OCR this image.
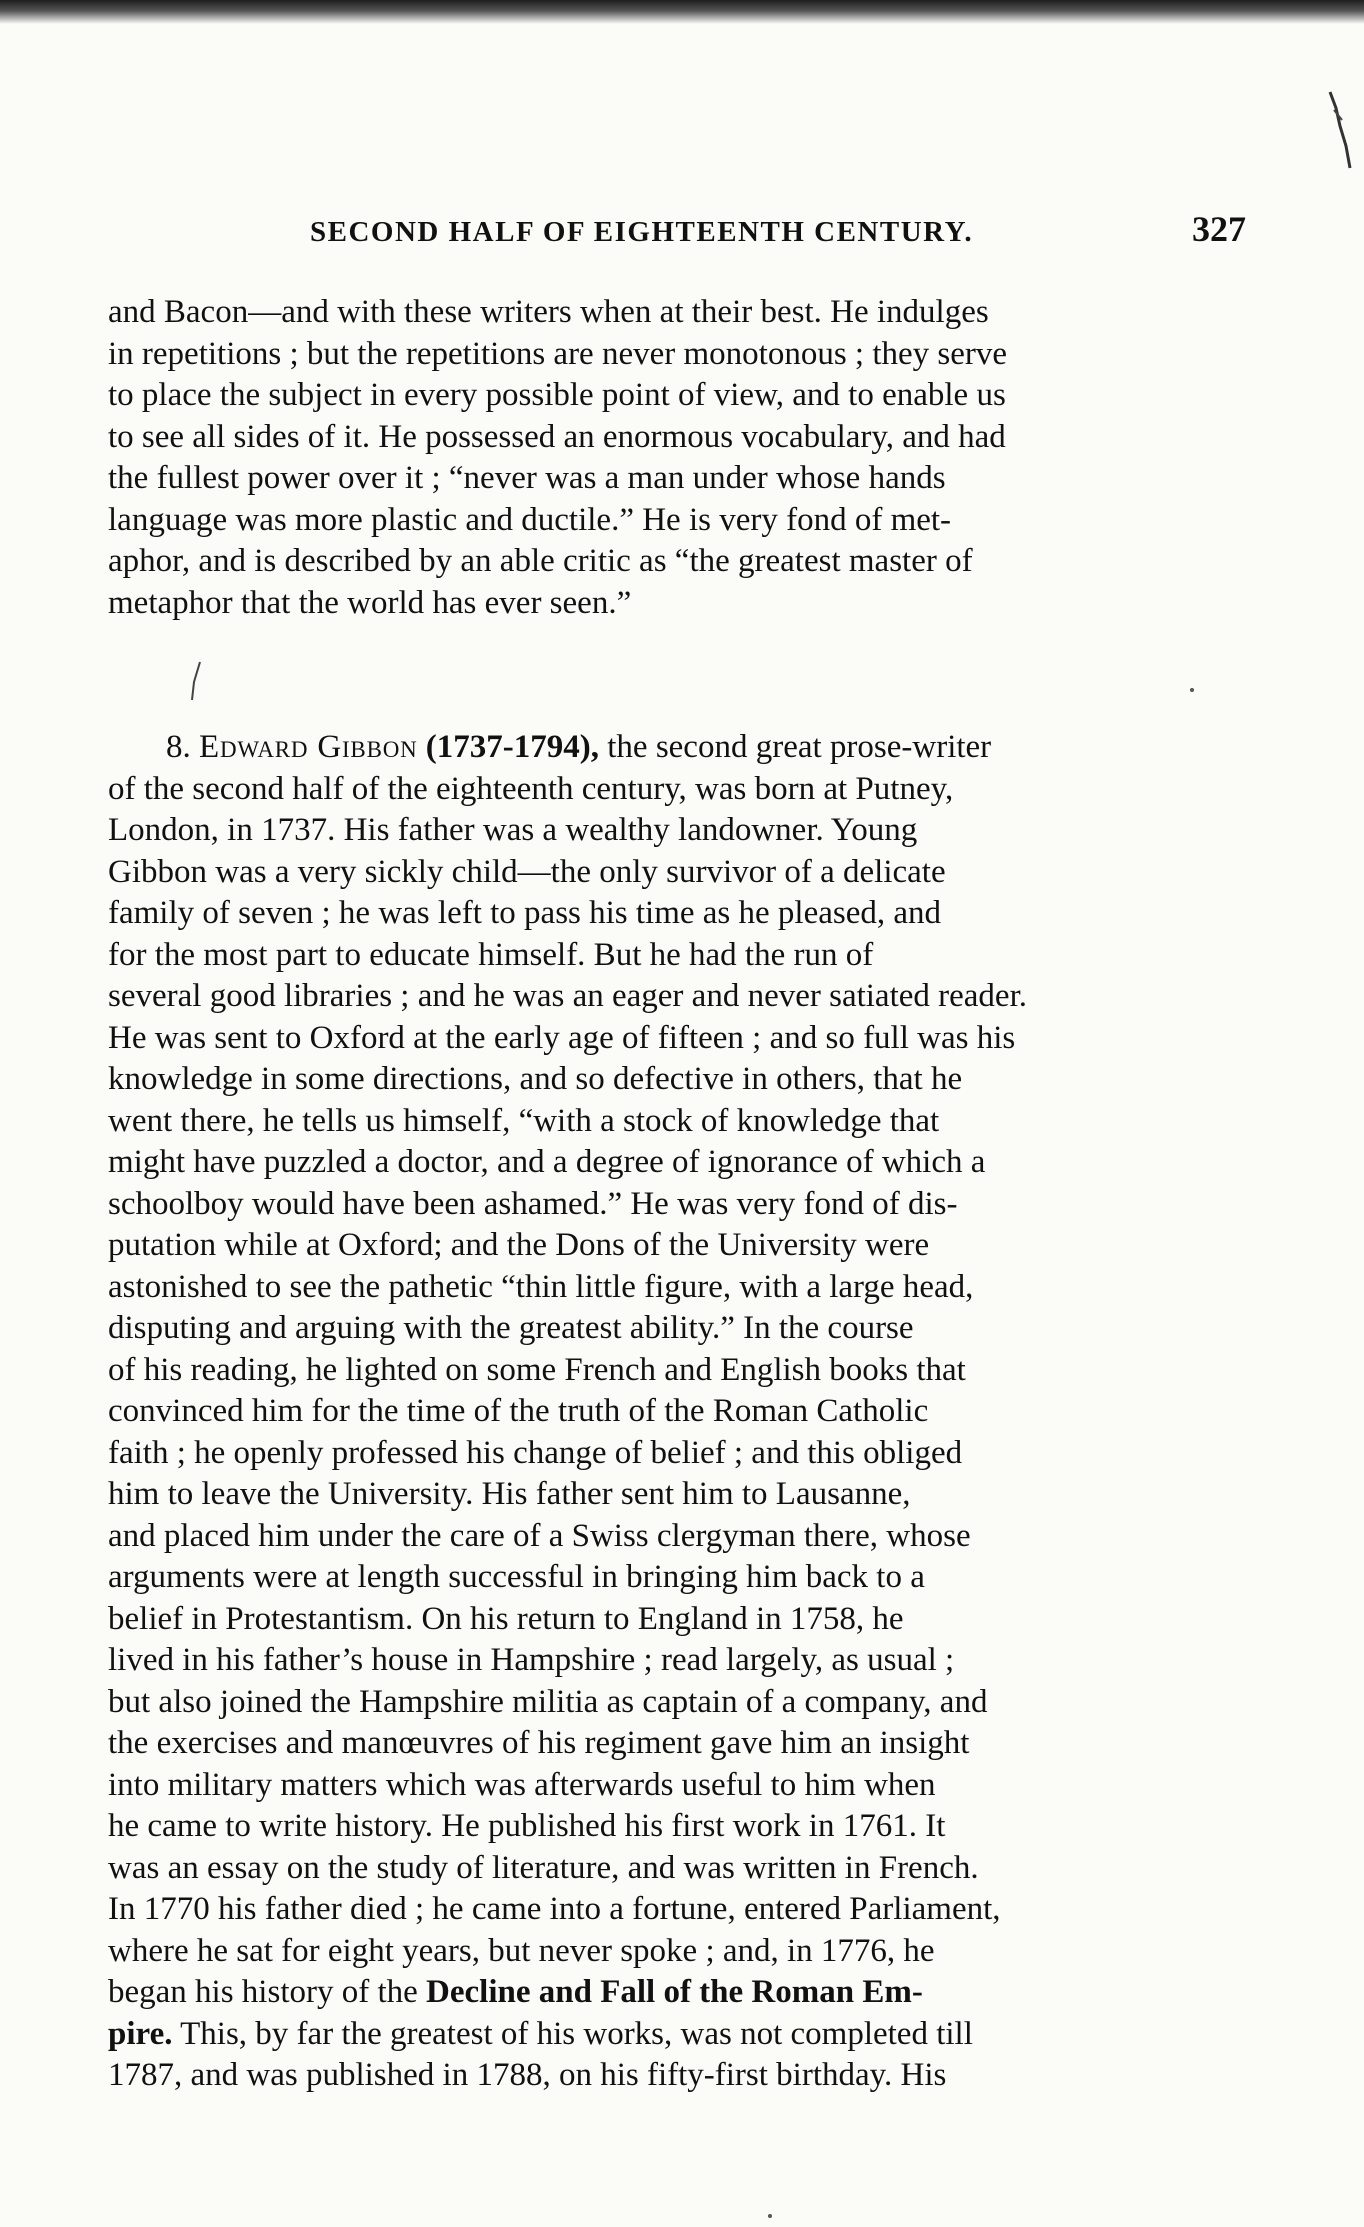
SECOND HALF OF EIGHTEENTH CENTURY.	327
and Bacon—and with these writers when at their best. He indulges
in repetitions ; but the repetitions are never monotonous ; they serve
to place the subject in every possible point of view, and to enable us
to see all sides of it. He possessed an enormous vocabulary, and had
the fullest power over it ; “never was a man under whose hands
language was more plastic and ductile.” He is very fond of met-
aphor, and is described by an able critic as “the greatest master of
metaphor that the world has ever seen.”
8. Edward Gibbon (1737-1794), the second great prose-writer
of the second half of the eighteenth century, was born at Putney,
London, in 1737. His father was a wealthy landowner. Young
Gibbon was a very sickly child—the only survivor of a delicate
family of seven ; he was left to pass his time as he pleased, and
for the most part to educate himself. But he had the run of
several good libraries ; and he was an eager and never satiated reader.
He was sent to Oxford at the early age of fifteen ; and so full was his
knowledge in some directions, and so defective in others, that he
went there, he tells us himself, “with a stock of knowledge that
might have puzzled a doctor, and a degree of ignorance of which a
schoolboy would have been ashamed.” He was very fond of dis-
putation while at Oxford; and the Dons of the University were
astonished to see the pathetic “thin little figure, with a large head,
disputing and arguing with the greatest ability.” In the course
of his reading, he lighted on some French and English books that
convinced him for the time of the truth of the Roman Catholic
faith ; he openly professed his change of belief ; and this obliged
him to leave the University. His father sent him to Lausanne,
and placed him under the care of a Swiss clergyman there, whose
arguments were at length successful in bringing him back to a
belief in Protestantism. On his return to England in 1758, he
lived in his father’s house in Hampshire ; read largely, as usual ;
but also joined the Hampshire militia as captain of a company, and
the exercises and manœuvres of his regiment gave him an insight
into military matters which was afterwards useful to him when
he came to write history. He published his first work in 1761. It
was an essay on the study of literature, and was written in French.
In 1770 his father died ; he came into a fortune, entered Parliament,
where he sat for eight years, but never spoke ; and, in 1776, he
began his history of the Decline and Fall of the Roman Em-
pire. This, by far the greatest of his works, was not completed till
1787, and was published in 1788, on his fifty-first birthday. His
